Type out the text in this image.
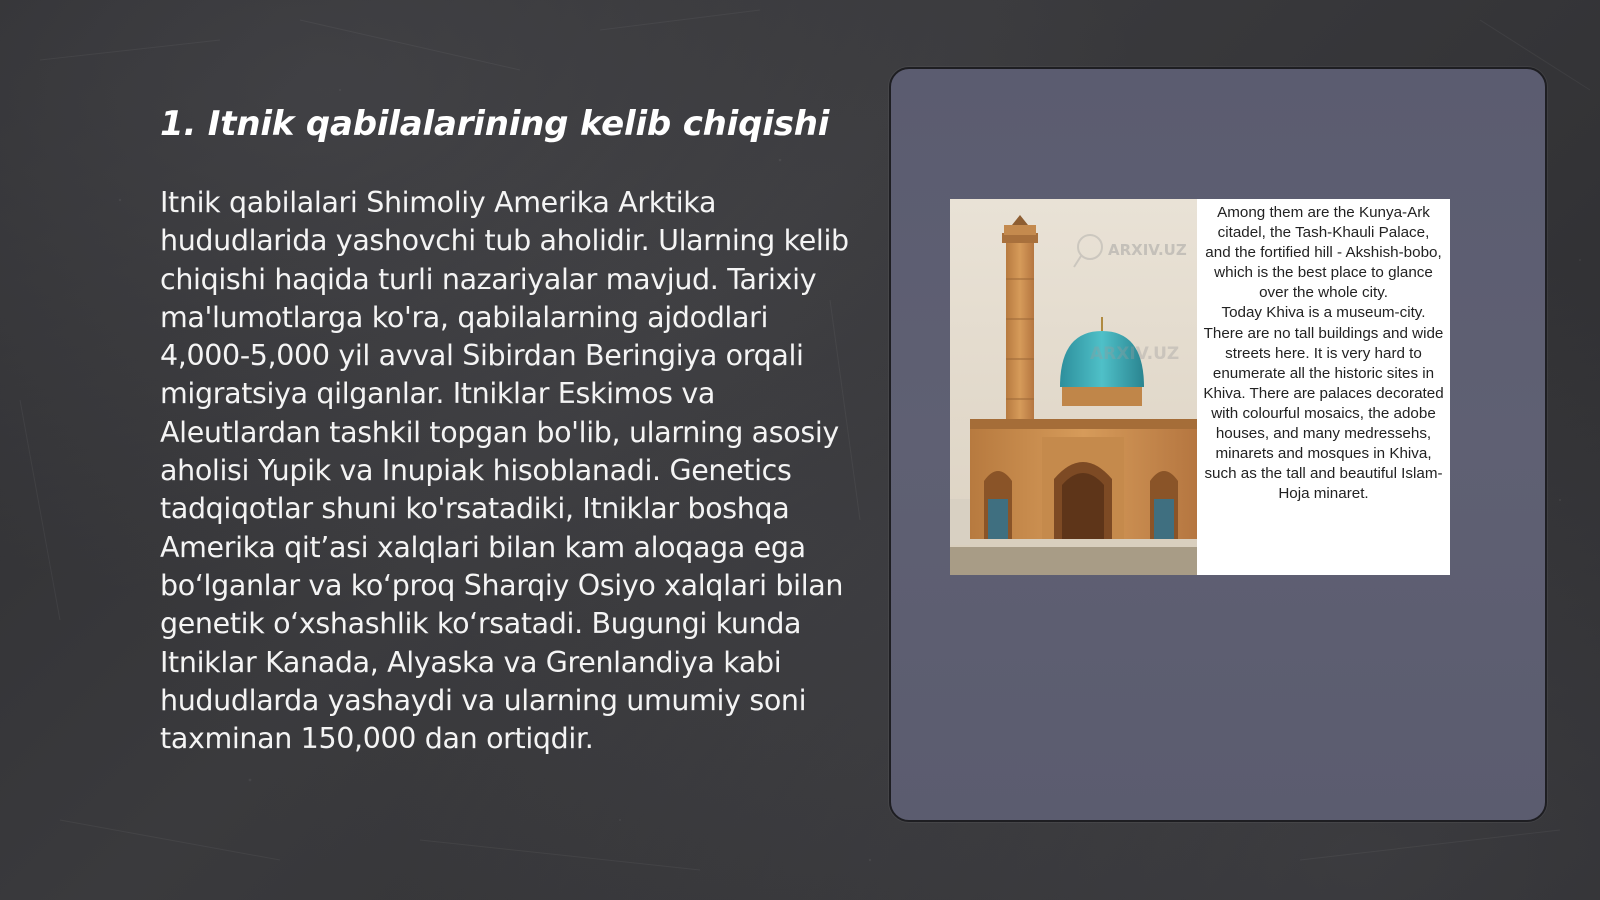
1. Itnik qabilalarining kelib chiqishi

Itnik qabilalari Shimoliy Amerika Arktika hududlarida yashovchi tub aholidir. Ularning kelib chiqishi haqida turli nazariyalar mavjud. Tarixiy ma'lumotlarga ko'ra, qabilalarning ajdodlari 4,000-5,000 yil avval Sibirdan Beringiya orqali migratsiya qilganlar. Itniklar Eskimos va Aleutlardan tashkil topgan bo'lib, ularning asosiy aholisi Yupik va Inupiak hisoblanadi. Genetics tadqiqotlar shuni ko'rsatadiki, Itniklar boshqa Amerika qit’asi xalqlari bilan kam aloqaga ega bo‘lganlar va ko‘proq Sharqiy Osiyo xalqlari bilan genetik o‘xshashlik ko‘rsatadi. Bugungi kunda Itniklar Kanada, Alyaska va Grenlandiya kabi hududlarda yashaydi va ularning umumiy soni taxminan 150,000 dan ortiqdir.

ARXIV.UZ
ARXIV.UZ

Among them are the Kunya-Ark citadel, the Tash-Khauli Palace, and the fortified hill - Akshish-bobo, which is the best place to glance over the whole city.

Today Khiva is a museum-city. There are no tall buildings and wide streets here. It is very hard to enumerate all the historic sites in Khiva. There are palaces decorated with colourful mosaics, the adobe houses, and many medressehs, minarets and mosques in Khiva, such as the tall and beautiful Islam-Hoja minaret.
